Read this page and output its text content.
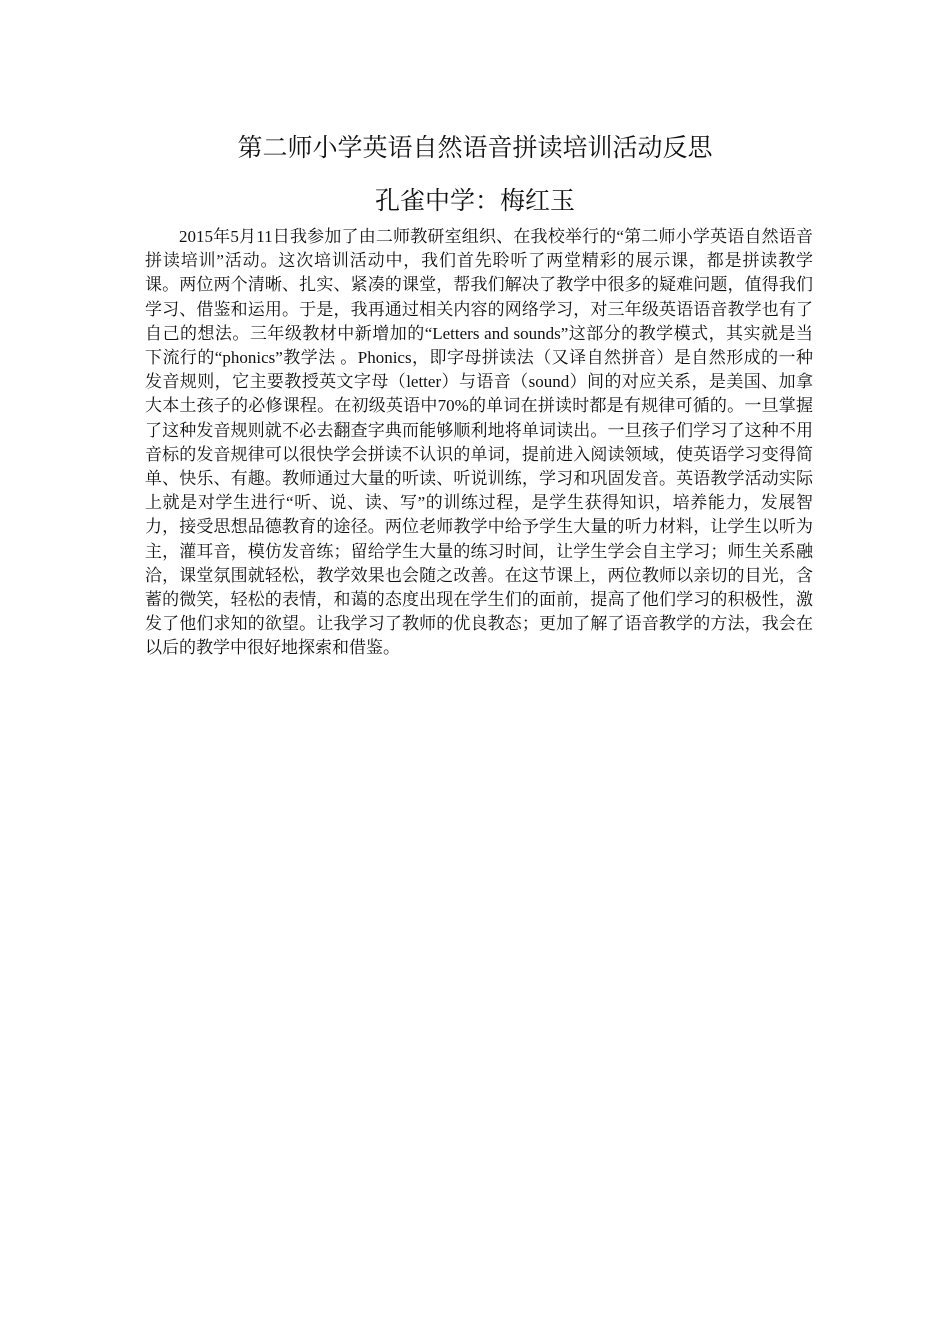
第二师小学英语自然语音拼读培训活动反思
孔雀中学：梅红玉

2015年5月11日我参加了由二师教研室组织、在我校举行的“第二师小学英语自然语音拼读培训”活动。这次培训活动中，我们首先聆听了两堂精彩的展示课，都是拼读教学课。两位两个清晰、扎实、紧凑的课堂，帮我们解决了教学中很多的疑难问题，值得我们学习、借鉴和运用。于是，我再通过相关内容的网络学习，对三年级英语语音教学也有了自己的想法。三年级教材中新增加的“Letters and sounds”这部分的教学模式，其实就是当下流行的“phonics”教学法 。Phonics，即字母拼读法（又译自然拼音）是自然形成的一种发音规则，它主要教授英文字母（letter）与语音（sound）间的对应关系，是美国、加拿大本土孩子的必修课程。在初级英语中70%的单词在拼读时都是有规律可循的。一旦掌握了这种发音规则就不必去翻查字典而能够顺利地将单词读出。一旦孩子们学习了这种不用音标的发音规律可以很快学会拼读不认识的单词，提前进入阅读领域，使英语学习变得简单、快乐、有趣。教师通过大量的听读、听说训练，学习和巩固发音。英语教学活动实际上就是对学生进行“听、说、读、写”的训练过程，是学生获得知识，培养能力，发展智力，接受思想品德教育的途径。两位老师教学中给予学生大量的听力材料，让学生以听为主，灌耳音，模仿发音练；留给学生大量的练习时间，让学生学会自主学习；师生关系融洽，课堂氛围就轻松，教学效果也会随之改善。在这节课上，两位教师以亲切的目光，含蓄的微笑，轻松的表情，和蔼的态度出现在学生们的面前，提高了他们学习的积极性，激发了他们求知的欲望。让我学习了教师的优良教态；更加了解了语音教学的方法，我会在以后的教学中很好地探索和借鉴。
